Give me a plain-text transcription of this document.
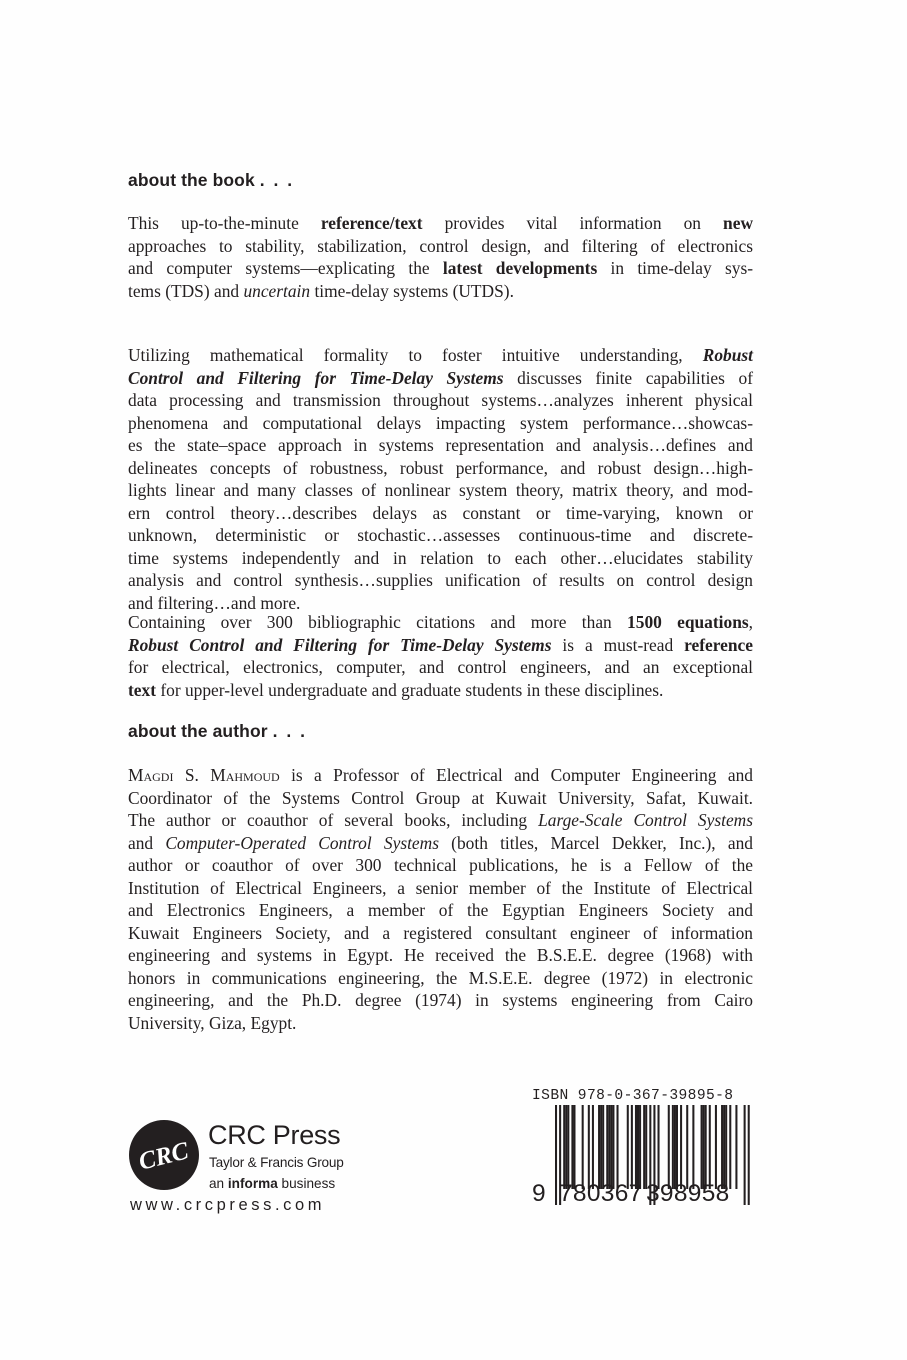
about the book . . .

This up-to-the-minute reference/text provides vital information on new
approaches to stability, stabilization, control design, and filtering of electronics
and computer systems—explicating the latest developments in time-delay sys-
tems (TDS) and uncertain time-delay systems (UTDS).

Utilizing mathematical formality to foster intuitive understanding, Robust
Control and Filtering for Time-Delay Systems discusses finite capabilities of
data processing and transmission throughout systems…analyzes inherent physical
phenomena and computational delays impacting system performance…showcas-
es the state–space approach in systems representation and analysis…defines and
delineates concepts of robustness, robust performance, and robust design…high-
lights linear and many classes of nonlinear system theory, matrix theory, and mod-
ern control theory…describes delays as constant or time-varying, known or
unknown, deterministic or stochastic…assesses continuous-time and discrete-
time systems independently and in relation to each other…elucidates stability
analysis and control synthesis…supplies unification of results on control design
and filtering…and more.

Containing over 300 bibliographic citations and more than 1500 equations,
Robust Control and Filtering for Time-Delay Systems is a must-read reference
for electrical, electronics, computer, and control engineers, and an exceptional
text for upper-level undergraduate and graduate students in these disciplines.

about the author . . .

Magdi S. Mahmoud is a Professor of Electrical and Computer Engineering and
Coordinator of the Systems Control Group at Kuwait University, Safat, Kuwait.
The author or coauthor of several books, including Large-Scale Control Systems
and Computer-Operated Control Systems (both titles, Marcel Dekker, Inc.), and
author or coauthor of over 300 technical publications, he is a Fellow of the
Institution of Electrical Engineers, a senior member of the Institute of Electrical
and Electronics Engineers, a member of the Egyptian Engineers Society and
Kuwait Engineers Society, and a registered consultant engineer of information
engineering and systems in Egypt. He received the B.S.E.E. degree (1968) with
honors in communications engineering, the M.S.E.E. degree (1972) in electronic
engineering, and the Ph.D. degree (1974) in systems engineering from Cairo
University, Giza, Egypt.

CRC
CRC Press
Taylor & Francis Group
an informa business
www.crcpress.com
ISBN 978-0-367-39895-8
9 780367 398958
